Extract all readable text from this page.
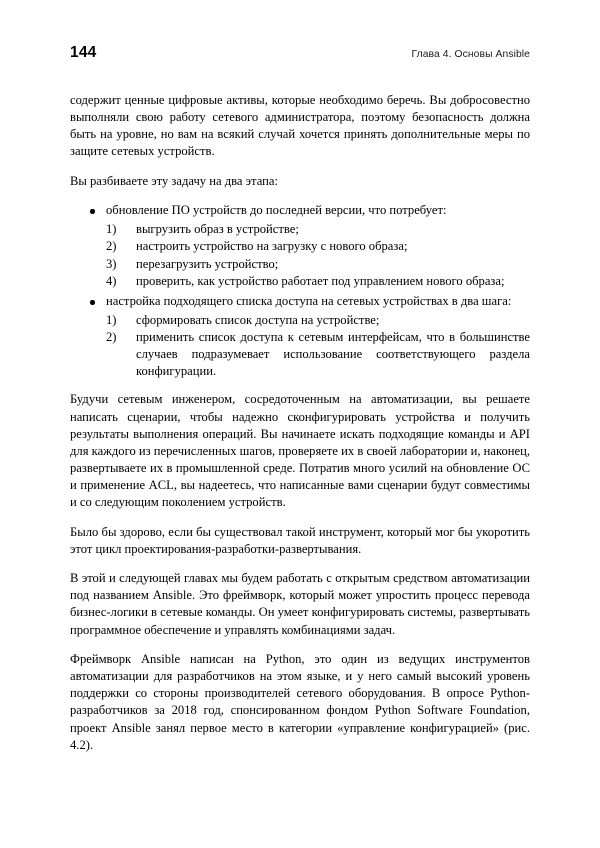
144	Глава 4. Основы Ansible

содержит ценные цифровые активы, которые необходимо беречь. Вы добросовестно выполняли свою работу сетевого администратора, поэтому безопасность должна быть на уровне, но вам на всякий случай хочется принять дополнительные меры по защите сетевых устройств.

Вы разбиваете эту задачу на два этапа:

обновление ПО устройств до последней версии, что потребует:
1) выгрузить образ в устройстве;
2) настроить устройство на загрузку с нового образа;
3) перезагрузить устройство;
4) проверить, как устройство работает под управлением нового образа;
настройка подходящего списка доступа на сетевых устройствах в два шага:
1) сформировать список доступа на устройстве;
2) применить список доступа к сетевым интерфейсам, что в большинстве случаев подразумевает использование соответствующего раздела конфигурации.

Будучи сетевым инженером, сосредоточенным на автоматизации, вы решаете написать сценарии, чтобы надежно сконфигурировать устройства и получить результаты выполнения операций. Вы начинаете искать подходящие команды и API для каждого из перечисленных шагов, проверяете их в своей лаборатории и, наконец, развертываете их в промышленной среде. Потратив много усилий на обновление ОС и применение ACL, вы надеетесь, что написанные вами сценарии будут совместимы и со следующим поколением устройств.

Было бы здорово, если бы существовал такой инструмент, который мог бы укоротить этот цикл проектирования-разработки-развертывания.

В этой и следующей главах мы будем работать с открытым средством автоматизации под названием Ansible. Это фреймворк, который может упростить процесс перевода бизнес-логики в сетевые команды. Он умеет конфигурировать системы, развертывать программное обеспечение и управлять комбинациями задач.

Фреймворк Ansible написан на Python, это один из ведущих инструментов автоматизации для разработчиков на этом языке, и у него самый высокий уровень поддержки со стороны производителей сетевого оборудования. В опросе Python-разработчиков за 2018 год, спонсированном фондом Python Software Foundation, проект Ansible занял первое место в категории «управление конфигурацией» (рис. 4.2).
